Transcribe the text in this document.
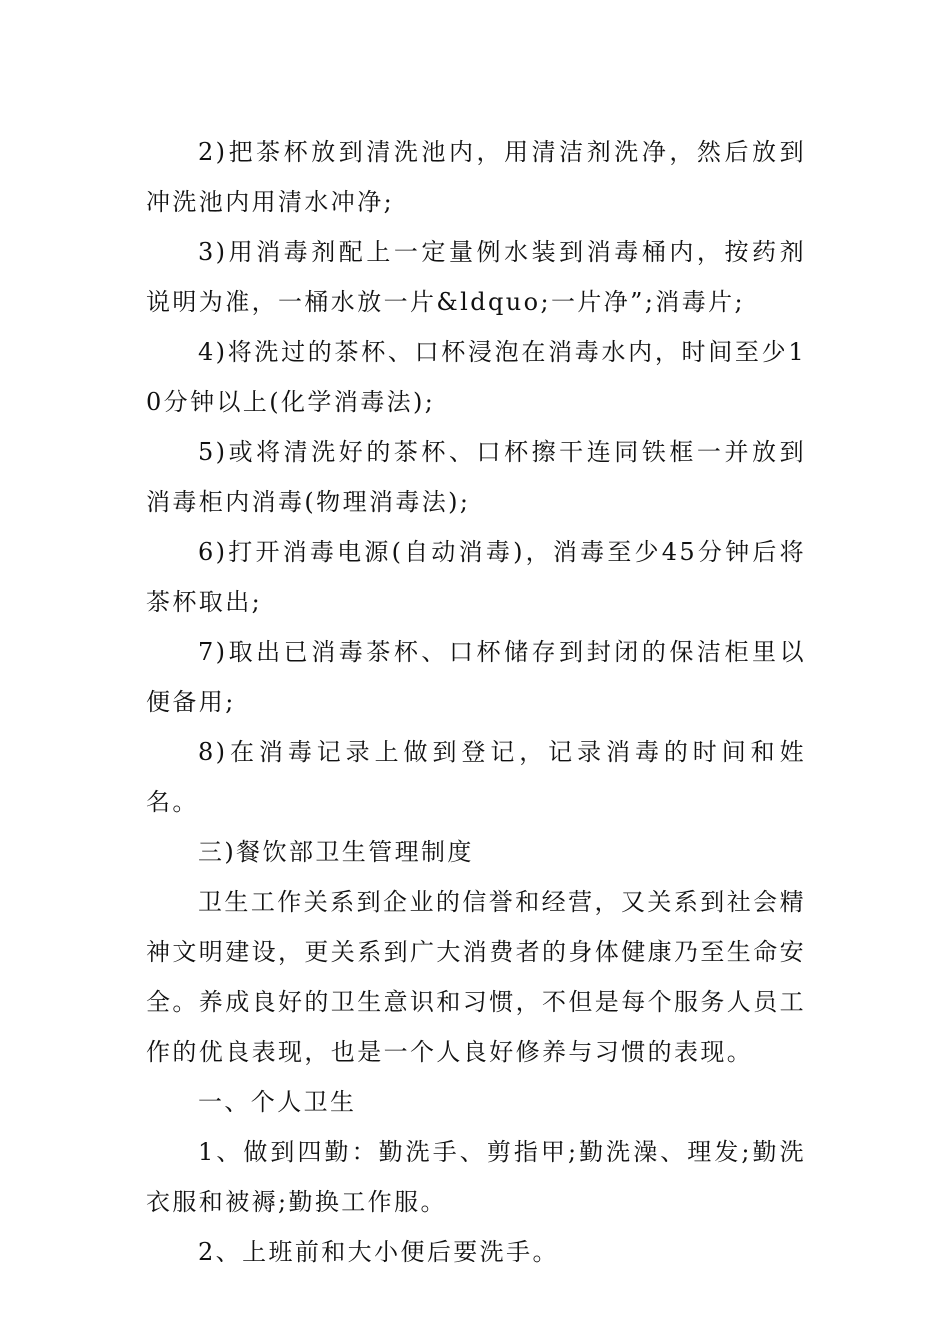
2)把茶杯放到清洗池内，用清洁剂洗净，然后放到冲洗池内用清水冲净;

3)用消毒剂配上一定量例水装到消毒桶内，按药剂说明为准，一桶水放一片&ldquo;一片净”;消毒片;

4)将洗过的茶杯、口杯浸泡在消毒水内，时间至少10分钟以上(化学消毒法);

5)或将清洗好的茶杯、口杯擦干连同铁框一并放到消毒柜内消毒(物理消毒法);

6)打开消毒电源(自动消毒)，消毒至少45分钟后将茶杯取出;

7)取出已消毒茶杯、口杯储存到封闭的保洁柜里以便备用;

8)在消毒记录上做到登记，记录消毒的时间和姓名。

三)餐饮部卫生管理制度

卫生工作关系到企业的信誉和经营，又关系到社会精神文明建设，更关系到广大消费者的身体健康乃至生命安全。养成良好的卫生意识和习惯，不但是每个服务人员工作的优良表现，也是一个人良好修养与习惯的表现。

一、个人卫生

1、做到四勤：勤洗手、剪指甲;勤洗澡、理发;勤洗衣服和被褥;勤换工作服。

2、上班前和大小便后要洗手。
